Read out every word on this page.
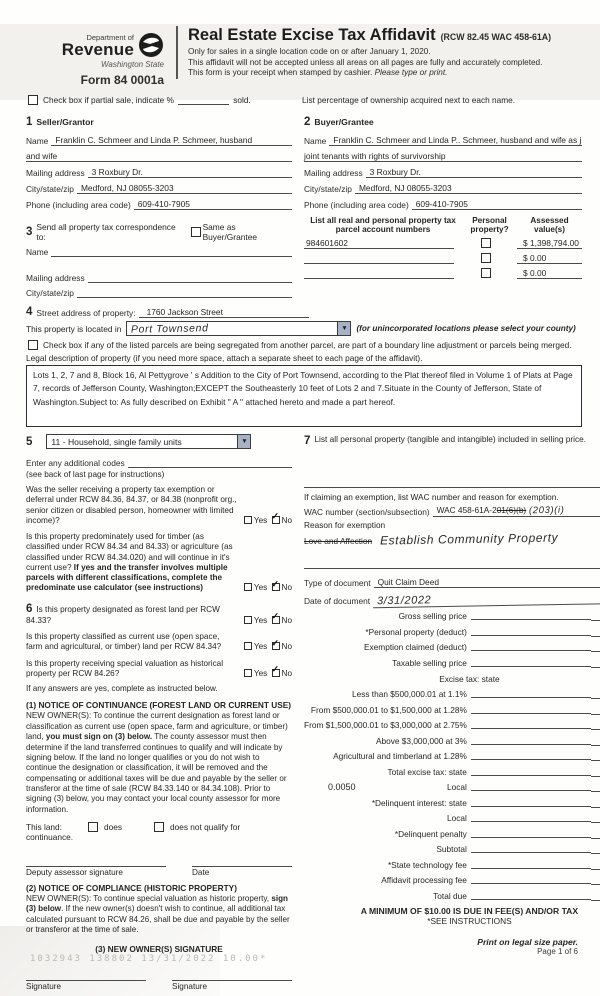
Department of
Revenue
Washington State
Form 84 0001a
Real Estate Excise Tax Affidavit (RCW 82.45 WAC 458-61A)
Only for sales in a single location code on or after January 1, 2020.
This affidavit will not be accepted unless all areas on all pages are fully and accurately completed.
This form is your receipt when stamped by cashier. Please type or print.
Check box if partial sale, indicate %	sold.	List percentage of ownership acquired next to each name.
1 Seller/Grantor
Name Franklin C. Schmeer and Linda P. Schmeer, husband
and wife
Mailing address 3 Roxbury Dr.
City/state/zip Medford, NJ 08055-3203
Phone (including area code) 609-410-7905
3 Send all property tax correspondence to:
Same as Buyer/Grantee
Name
Mailing address
City/state/zip
2 Buyer/Grantee
Name Franklin C. Schmeer and Linda P.. Schmeer, husband and wife as j
joint tenants with rights of survivorship
Mailing address 3 Roxbury Dr.
City/state/zip Medford, NJ 08055-3203
Phone (including area code) 609-410-7905
List all real and personal property tax
parcel account numbers
Personal
property?
Assessed
value(s)
984601602	$ 1,398,794.00
$ 0.00
$ 0.00
4 Street address of property:	1760 Jackson Street
This property is located in Port Townsend	▼	(for unincorporated locations please select your county)
Check box if any of the listed parcels are being segregated from another parcel, are part of a boundary line adjustment or parcels being merged.
Legal description of property (if you need more space, attach a separate sheet to each page of the affidavit).
Lots 1, 2, 7 and 8, Block 16, Al Pettygrove ' s Addition to the City of Port Townsend, according to the Plat thereof filed in Volume 1 of Plats at Page 7, records of Jefferson County, Washington;EXCEPT the Southeasterly 10 feet of Lots 2 and 7.Situate in the County of Jefferson, State of Washington.Subject to: As fully described on Exhibit " A " attached hereto and made a part hereof.
5	11 - Household, single family units	▼
Enter any additional codes
(see back of last page for instructions)
Was the seller receiving a property tax exemption or deferral under RCW 84.36, 84.37, or 84.38 (nonprofit org., senior citizen or disabled person, homeowner with limited income)?	Yes ✓ No
Is this property predominately used for timber (as classified under RCW 84.34 and 84.33) or agriculture (as classified under RCW 84.34.020) and will continue in it's current use? If yes and the transfer involves multiple parcels with different classifications, complete the predominate use calculator (see instructions)	Yes ✓ No
6 Is this property designated as forest land per RCW 84.33?	Yes ✓ No
Is this property classified as current use (open space, farm and agricultural, or timber) land per RCW 84.34?	Yes ✓ No
Is this property receiving special valuation as historical property per RCW 84.26?	Yes ✓ No
If any answers are yes, complete as instructed below.
(1) NOTICE OF CONTINUANCE (FOREST LAND OR CURRENT USE)
NEW OWNER(S): To continue the current designation as forest land or classification as current use (open space, farm and agriculture, or timber) land, you must sign on (3) below. The county assessor must then determine if the land transferred continues to qualify and will indicate by signing below. If the land no longer qualifies or you do not wish to continue the designation or classification, it will be removed and the compensating or additional taxes will be due and payable by the seller or transferor at the time of sale (RCW 84.33.140 or 84.34.108). Prior to signing (3) below, you may contact your local county assessor for more information.
This land:	does	does not qualify for
continuance.
Deputy assessor signature	Date
(2) NOTICE OF COMPLIANCE (HISTORIC PROPERTY)
NEW OWNER(S): To continue special valuation as historic property, sign (3) below. If the new owner(s) doesn't wish to continue, all additional tax calculated pursuant to RCW 84.26, shall be due and payable by the seller or transferor at the time of sale.
(3) NEW OWNER(S) SIGNATURE
Signature	Signature
7 List all personal property (tangible and intangible) included in selling price.
If claiming an exemption, list WAC number and reason for exemption.
WAC number (section/subsection) WAC 458-61A-201(6)(b) (203)(i)
Reason for exemption
Love and Affection Establish Community Property
Type of document Quit Claim Deed
Date of document 3/31/2022
Gross selling price
*Personal property (deduct)
Exemption claimed (deduct)
Taxable selling price
Excise tax: state
Less than $500,000.01 at 1.1%
From $500,000.01 to $1,500,000 at 1.28%
From $1,500,000.01 to $3,000,000 at 2.75%
Above $3,000,000 at 3%
Agricultural and timberland at 1.28%
Total excise tax: state
0.0050	Local
*Delinquent interest: state
Local
*Delinquent penalty
Subtotal
*State technology fee
Affidavit processing fee
Total due
A MINIMUM OF $10.00 IS DUE IN FEE(S) AND/OR TAX
*SEE INSTRUCTIONS
1032943 138802 13/31/2022 10.00*
Print on legal size paper.
Page 1 of 6
